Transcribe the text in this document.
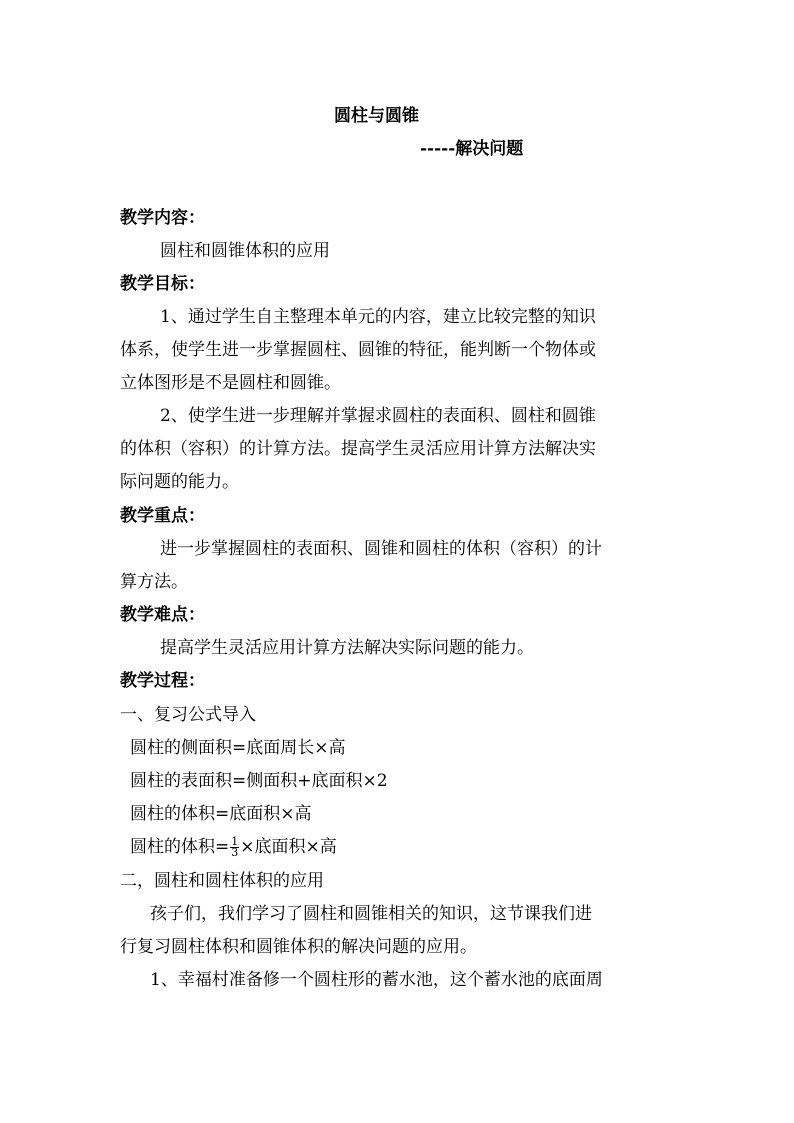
圆柱与圆锥
-----解决问题
教学内容：
圆柱和圆锥体积的应用
教学目标：
1、通过学生自主整理本单元的内容，建立比较完整的知识
体系，使学生进一步掌握圆柱、圆锥的特征，能判断一个物体或
立体图形是不是圆柱和圆锥。
2、使学生进一步理解并掌握求圆柱的表面积、圆柱和圆锥
的体积（容积）的计算方法。提高学生灵活应用计算方法解决实
际问题的能力。
教学重点：
进一步掌握圆柱的表面积、圆锥和圆柱的体积（容积）的计
算方法。
教学难点：
提高学生灵活应用计算方法解决实际问题的能力。
教学过程：
一、复习公式导入
圆柱的侧面积=底面周长×高
圆柱的表面积=侧面积+底面积×2
圆柱的体积=底面积×高
圆柱的体积= $\frac{1}{3}$ ×底面积×高
二，圆柱和圆柱体积的应用
孩子们，我们学习了圆柱和圆锥相关的知识，这节课我们进
行复习圆柱体积和圆锥体积的解决问题的应用。
1、幸福村准备修一个圆柱形的蓄水池，这个蓄水池的底面周
